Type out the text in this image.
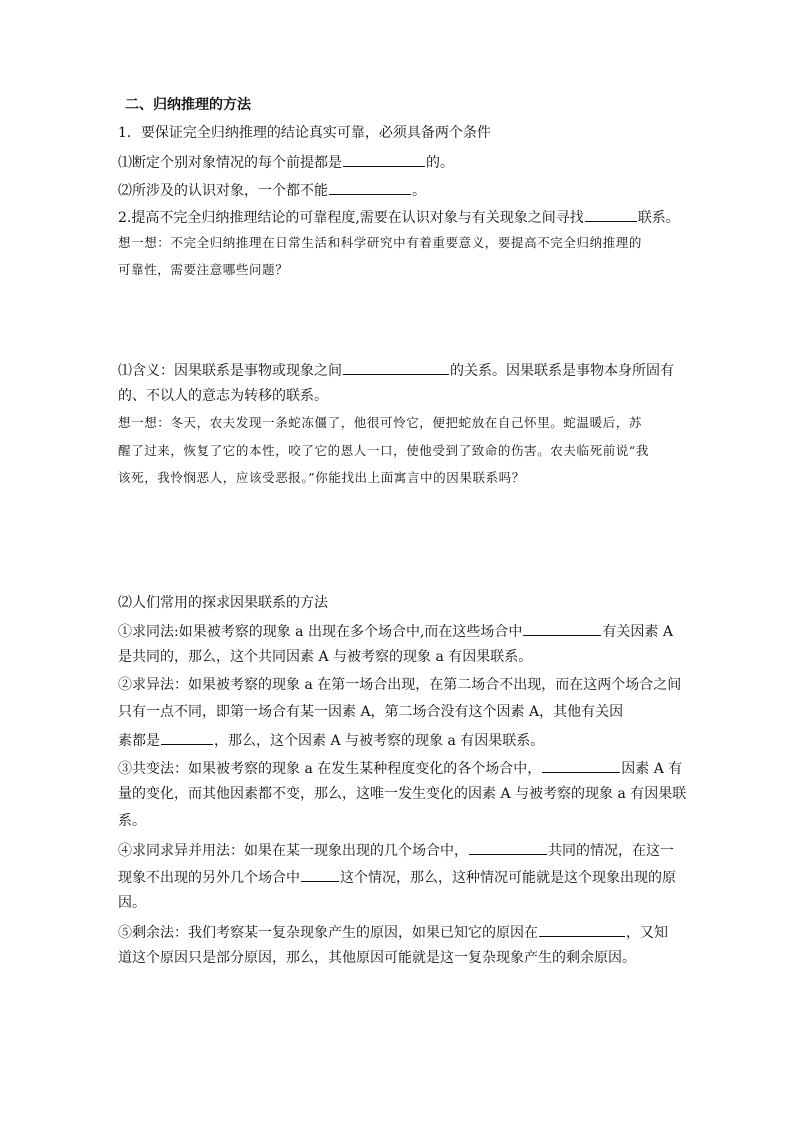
二、归纳推理的方法
1．要保证完全归纳推理的结论真实可靠，必须具备两个条件
⑴断定个别对象情况的每个前提都是	的。
⑵所涉及的认识对象，一个都不能	。
2.提高不完全归纳推理结论的可靠程度,需要在认识对象与有关现象之间寻找	联系。
想一想：不完全归纳推理在日常生活和科学研究中有着重要意义，要提高不完全归纳推理的
可靠性，需要注意哪些问题？
⑴含义：因果联系是事物或现象之间	的关系。因果联系是事物本身所固有
的、不以人的意志为转移的联系。
想一想：冬天，农夫发现一条蛇冻僵了，他很可怜它，便把蛇放在自己怀里。蛇温暖后，苏
醒了过来，恢复了它的本性，咬了它的恩人一口，使他受到了致命的伤害。农夫临死前说“我
该死，我怜悯恶人，应该受恶报。”你能找出上面寓言中的因果联系吗？
⑵人们常用的探求因果联系的方法
①求同法:如果被考察的现象 a 出现在多个场合中,而在这些场合中	有关因素 A
是共同的，那么，这个共同因素 A 与被考察的现象 a 有因果联系。
②求异法：如果被考察的现象 a 在第一场合出现，在第二场合不出现，而在这两个场合之间
只有一点不同，即第一场合有某一因素 A，第二场合没有这个因素 A，其他有关因
素都是	，那么，这个因素 A 与被考察的现象 a 有因果联系。
③共变法：如果被考察的现象 a 在发生某种程度变化的各个场合中，	因素 A 有
量的变化，而其他因素都不变，那么，这唯一发生变化的因素 A 与被考察的现象 a 有因果联
系。
④求同求异并用法：如果在某一现象出现的几个场合中，	共同的情况，在这一
现象不出现的另外几个场合中	这个情况，那么，这种情况可能就是这个现象出现的原
因。
⑤剩余法：我们考察某一复杂现象产生的原因，如果已知它的原因在	，又知
道这个原因只是部分原因，那么，其他原因可能就是这一复杂现象产生的剩余原因。
